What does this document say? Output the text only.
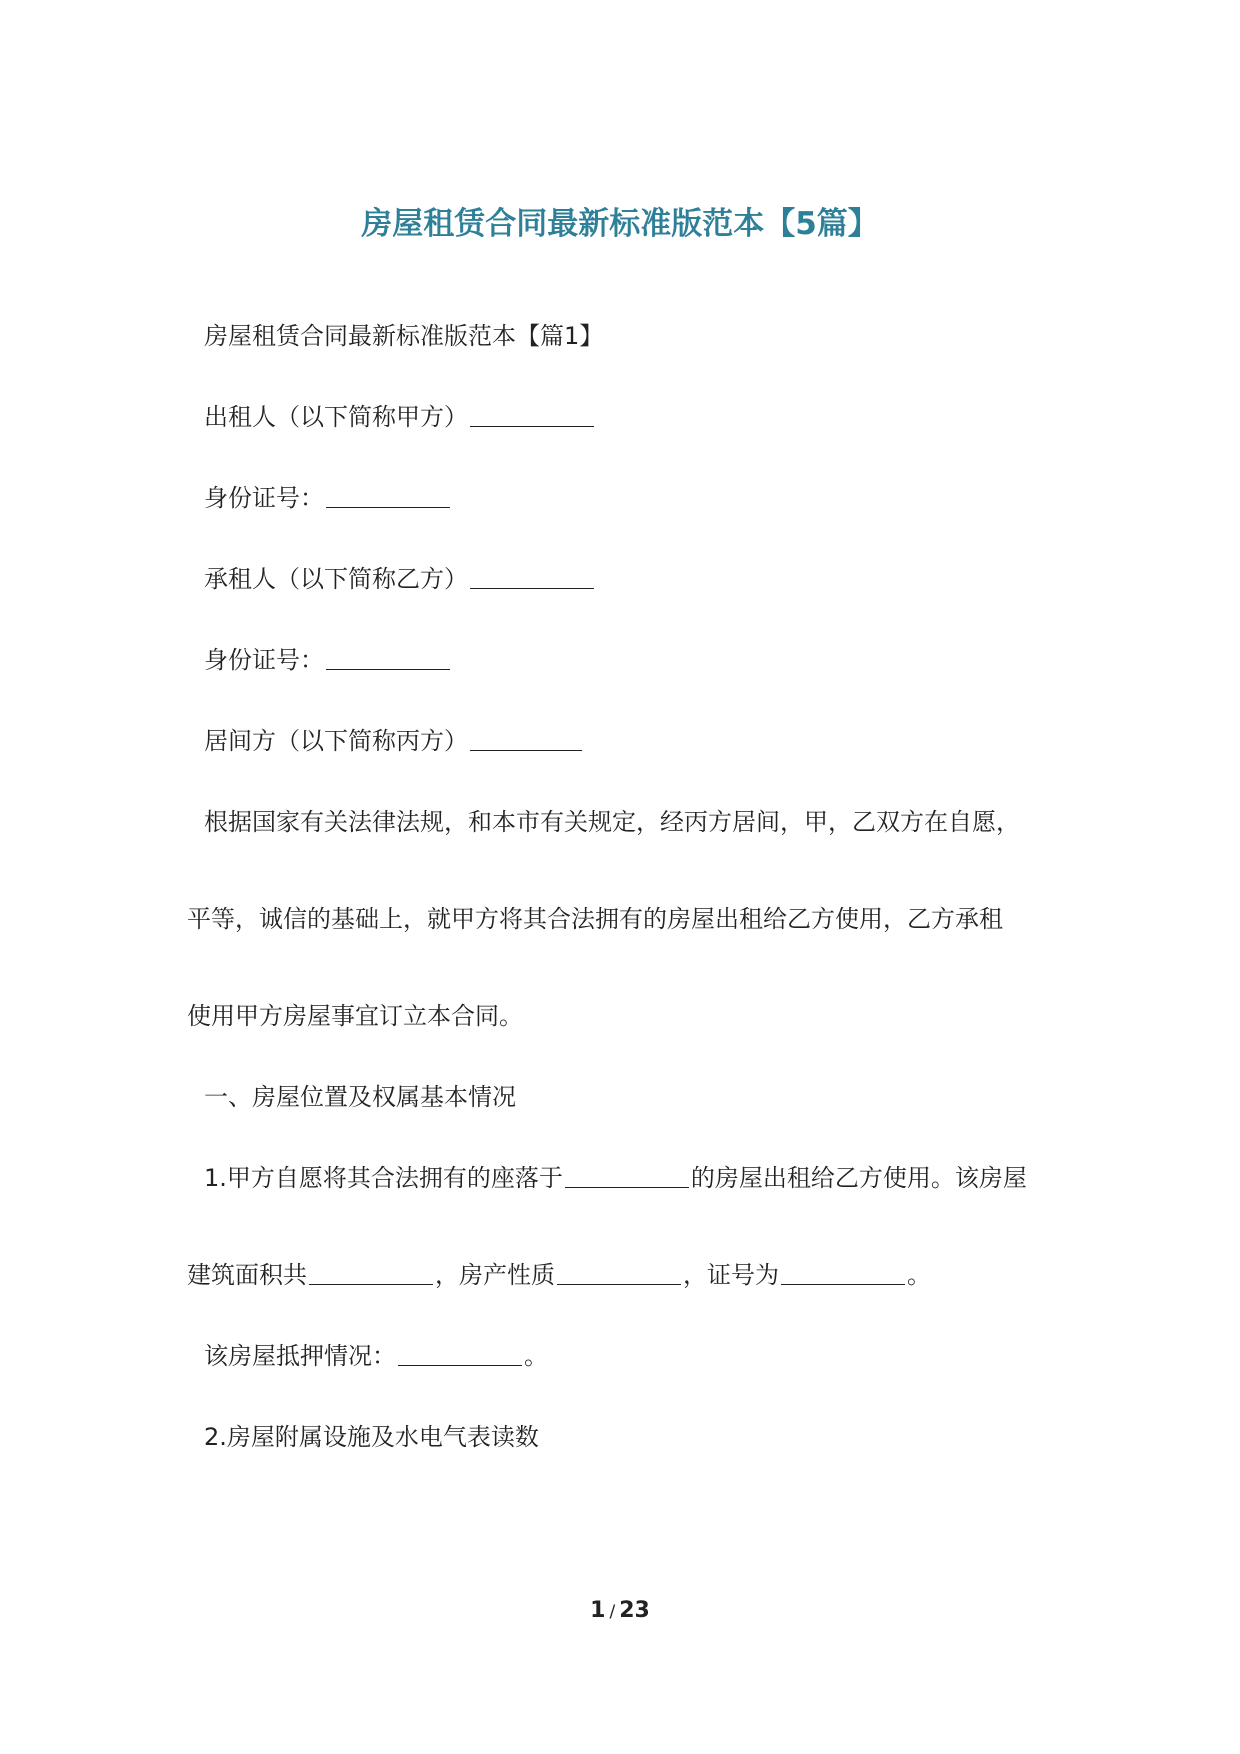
房屋租赁合同最新标准版范本【5篇】
房屋租赁合同最新标准版范本【篇1】
出租人（以下简称甲方）
身份证号：
承租人（以下简称乙方）
身份证号：
居间方（以下简称丙方）
根据国家有关法律法规，和本市有关规定，经丙方居间，甲，乙双方在自愿，
平等，诚信的基础上，就甲方将其合法拥有的房屋出租给乙方使用，乙方承租
使用甲方房屋事宜订立本合同。
一、房屋位置及权属基本情况
1.甲方自愿将其合法拥有的座落于	的房屋出租给乙方使用。该房屋
建筑面积共	，房产性质	，证号为	。
该房屋抵押情况：	。
2.房屋附属设施及水电气表读数
1 / 23
